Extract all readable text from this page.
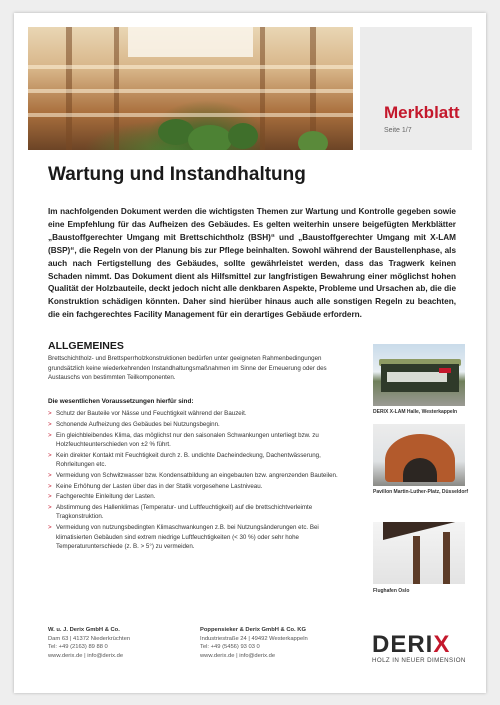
Merkblatt
Seite 1/7
Wartung und Instandhaltung

Im nachfolgenden Dokument werden die wichtigsten Themen zur Wartung und Kontrolle gegeben sowie eine Empfehlung für das Aufheizen des Gebäudes. Es gelten weiterhin unsere beigefügten Merkblätter „Baustoffgerechter Umgang mit Brettschichtholz (BSH)“ und „Baustoffgerechter Umgang mit X-LAM (BSP)“, die Regeln von der Planung bis zur Pflege beinhalten. Sowohl während der Baustellenphase, als auch nach Fertigstellung des Gebäudes, sollte gewährleistet werden, dass das Tragwerk keinen Schaden nimmt. Das Dokument dient als Hilfsmittel zur langfristigen Bewahrung einer möglichst hohen Qualität der Holzbauteile, deckt jedoch nicht alle denkbaren Aspekte, Probleme und Ursachen ab, die die Konstruktion schädigen könnten. Daher sind hierüber hinaus auch alle sonstigen Regeln zu beachten, die ein fachgerechtes Facility Management für ein derartiges Gebäude erfordern.

ALLGEMEINES

Brettschichtholz- und Brettsperrholzkonstruktionen bedürfen unter geeigneten Rahmenbedingungen grundsätzlich keine wiederkehrenden Instandhaltungsmaßnahmen im Sinne der Erneuerung oder des Austauschs von bestimmten Teilkomponenten.

Die wesentlichen Voraussetzungen hierfür sind:
> Schutz der Bauteile vor Nässe und Feuchtigkeit während der Bauzeit.
> Schonende Aufheizung des Gebäudes bei Nutzungsbeginn.
> Ein gleichbleibendes Klima, das möglichst nur den saisonalen Schwankungen unterliegt bzw. zu Holzfeuchteunterschieden von ±2 % führt.
> Kein direkter Kontakt mit Feuchtigkeit durch z. B. undichte Dacheindeckung, Dachentwässerung, Rohrleitungen etc.
> Vermeidung von Schwitzwasser bzw. Kondensatbildung an eingebauten bzw. angrenzenden Bauteilen.
> Keine Erhöhung der Lasten über das in der Statik vorgesehene Lastniveau.
> Fachgerechte Einleitung der Lasten.
> Abstimmung des Hallenklimas (Temperatur- und Luftfeuchtigkeit) auf die brettschichtverleimte Tragkonstruktion.
> Vermeidung von nutzungsbedingten Klimaschwankungen z.B. bei Nutzungsänderungen etc. Bei klimatisierten Gebäuden sind extrem niedrige Luftfeuchtigkeiten (< 30 %) oder sehr hohe Temperaturunterschiede (z. B. > 5°) zu vermeiden.
DERIX X-LAM Halle, Westerkappeln
Pavillon Martin-Luther-Platz, Düsseldorf
Flughafen Oslo
W. u. J. Derix GmbH & Co.
Dam 63 | 41372 Niederkrüchten
Tel: +49 (2163) 89 88 0
www.derix.de | info@derix.de
Poppensieker & Derix GmbH & Co. KG
Industriestraße 24 | 49492 Westerkappeln
Tel: +49 (5456) 93 03 0
www.derix.de | info@derix.de	DERIX
HOLZ IN NEUER DIMENSION
